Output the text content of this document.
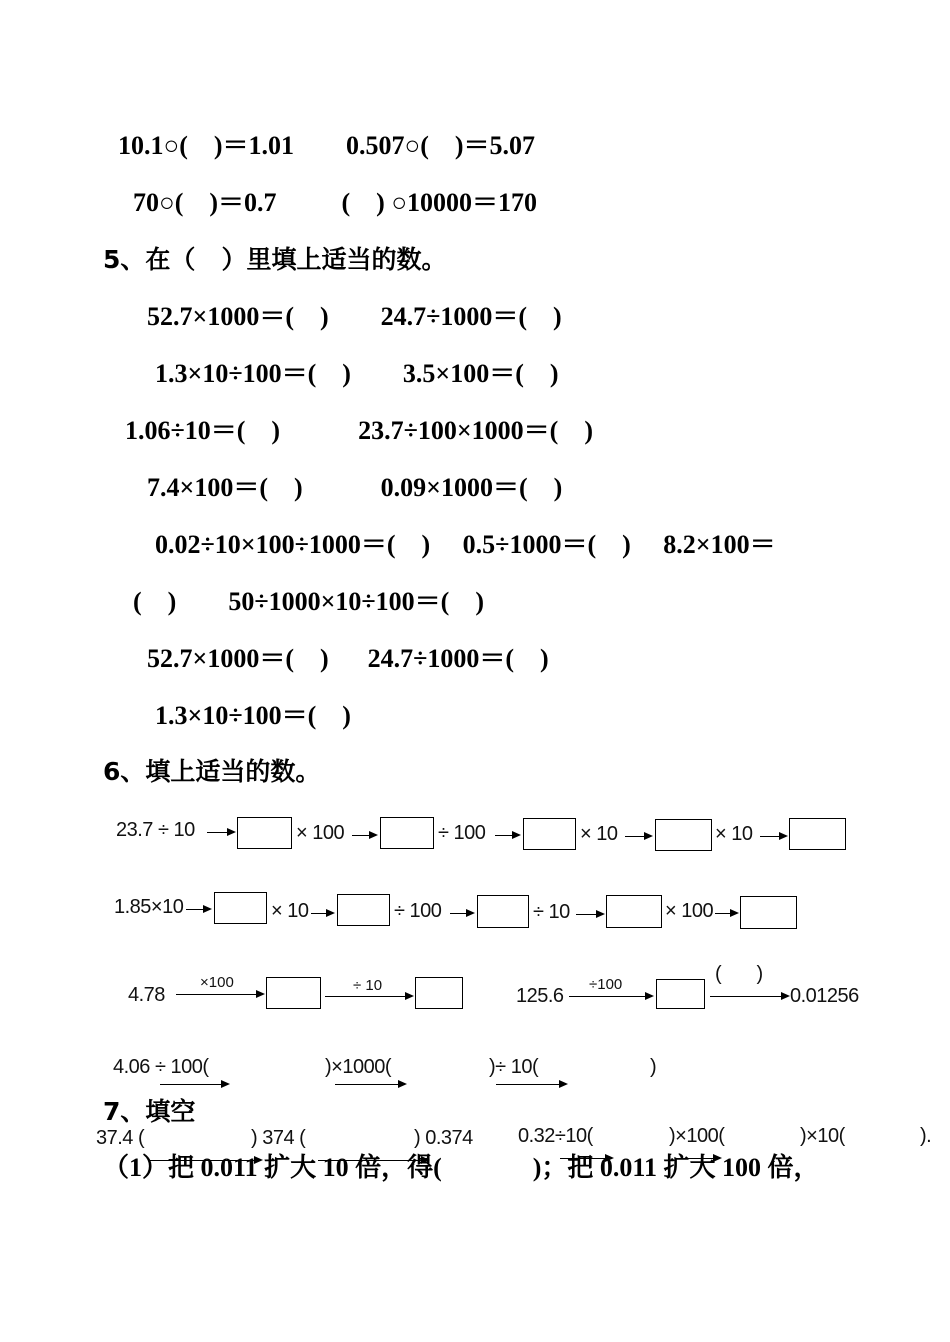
10.1○(    )＝1.01        0.507○(    )＝5.07
70○(    )＝0.7          (    ) ○10000＝170
5、在（   ）里填上适当的数。
52.7×1000＝(    )        24.7÷1000＝(    )
1.3×10÷100＝(    )        3.5×100＝(    )
1.06÷10＝(    )            23.7÷100×1000＝(    )
7.4×100＝(    )            0.09×1000＝(    )
0.02÷10×100÷1000＝(    )     0.5÷1000＝(    )     8.2×100＝
(    )        50÷1000×10÷100＝(    )
52.7×1000＝(    )      24.7÷1000＝(    )
1.3×10÷100＝(    )
6、填上适当的数。
23.7 ÷ 10	× 100	÷ 100	× 10	× 10
1.85×10	× 10	÷ 100	÷ 10	× 100
4.78
×100	÷ 10	125.6
÷100	(       )
0.01256
4.06 ÷ 100(	)×1000(	)÷ 10(	)
7、填空
37.4 (	) 374 (	) 0.374 0.32÷10(	)×100(	)×10(	).
（1）把 0.011 扩大 10 倍，得(              )；把 0.011 扩大 100 倍，
